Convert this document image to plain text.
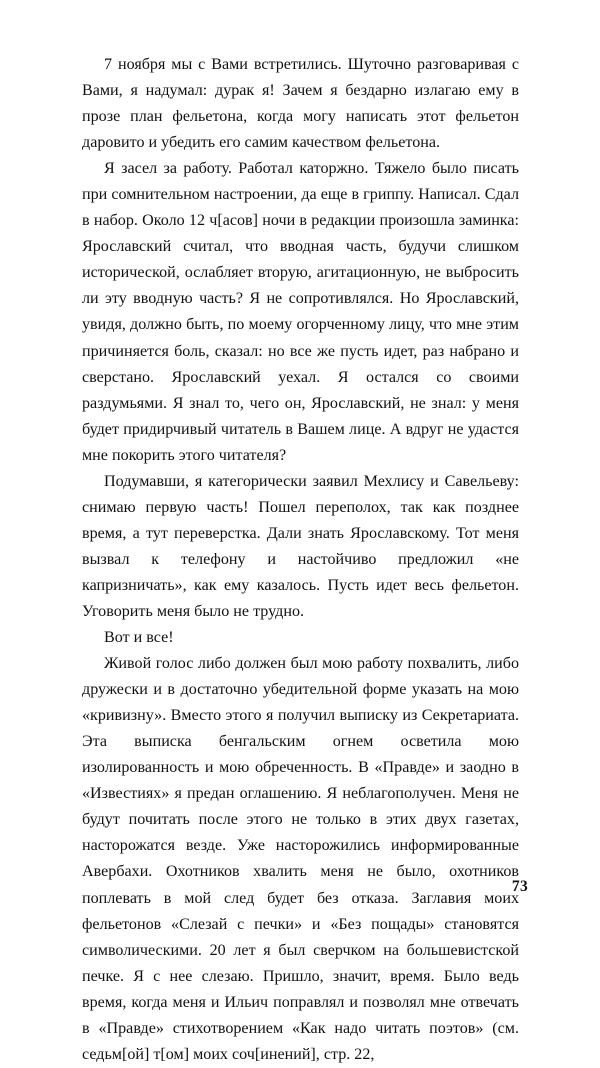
7 ноября мы с Вами встретились. Шуточно разговаривая с Вами, я надумал: дурак я! Зачем я бездарно излагаю ему в прозе план фельетона, когда могу написать этот фельетон даровито и убедить его самим качеством фельетона.

Я засел за работу. Работал каторжно. Тяжело было писать при сомнительном настроении, да еще в гриппу. Написал. Сдал в набор. Около 12 ч[асов] ночи в редакции произошла заминка: Ярославский считал, что вводная часть, будучи слишком исторической, ослабляет вторую, агитационную, не выбросить ли эту вводную часть? Я не сопротивлялся. Но Ярославский, увидя, должно быть, по моему огорченному лицу, что мне этим причиняется боль, сказал: но все же пусть идет, раз набрано и сверстано. Ярославский уехал. Я остался со своими раздумьями. Я знал то, чего он, Ярославский, не знал: у меня будет придирчивый читатель в Вашем лице. А вдруг не удастся мне покорить этого читателя?

Подумавши, я категорически заявил Мехлису и Савельеву: снимаю первую часть! Пошел переполох, так как позднее время, а тут переверстка. Дали знать Ярославскому. Тот меня вызвал к телефону и настойчиво предложил «не капризничать», как ему казалось. Пусть идет весь фельетон. Уговорить меня было не трудно.

Вот и все!

Живой голос либо должен был мою работу похвалить, либо дружески и в достаточно убедительной форме указать на мою «кривизну». Вместо этого я получил выписку из Секретариата. Эта выписка бенгальским огнем осветила мою изолированность и мою обреченность. В «Правде» и заодно в «Известиях» я предан оглашению. Я неблагополучен. Меня не будут почитать после этого не только в этих двух газетах, насторожатся везде. Уже насторожились информированные Авербахи. Охотников хвалить меня не было, охотников поплевать в мой след будет без отказа. Заглавия моих фельетонов «Слезай с печки» и «Без пощады» становятся символическими. 20 лет я был сверчком на большевистской печке. Я с нее слезаю. Пришло, значит, время. Было ведь время, когда меня и Ильич поправлял и позволял мне отвечать в «Правде» стихотворением «Как надо читать поэтов» (см. седьм[ой] т[ом] моих соч[инений], стр. 22,

73
